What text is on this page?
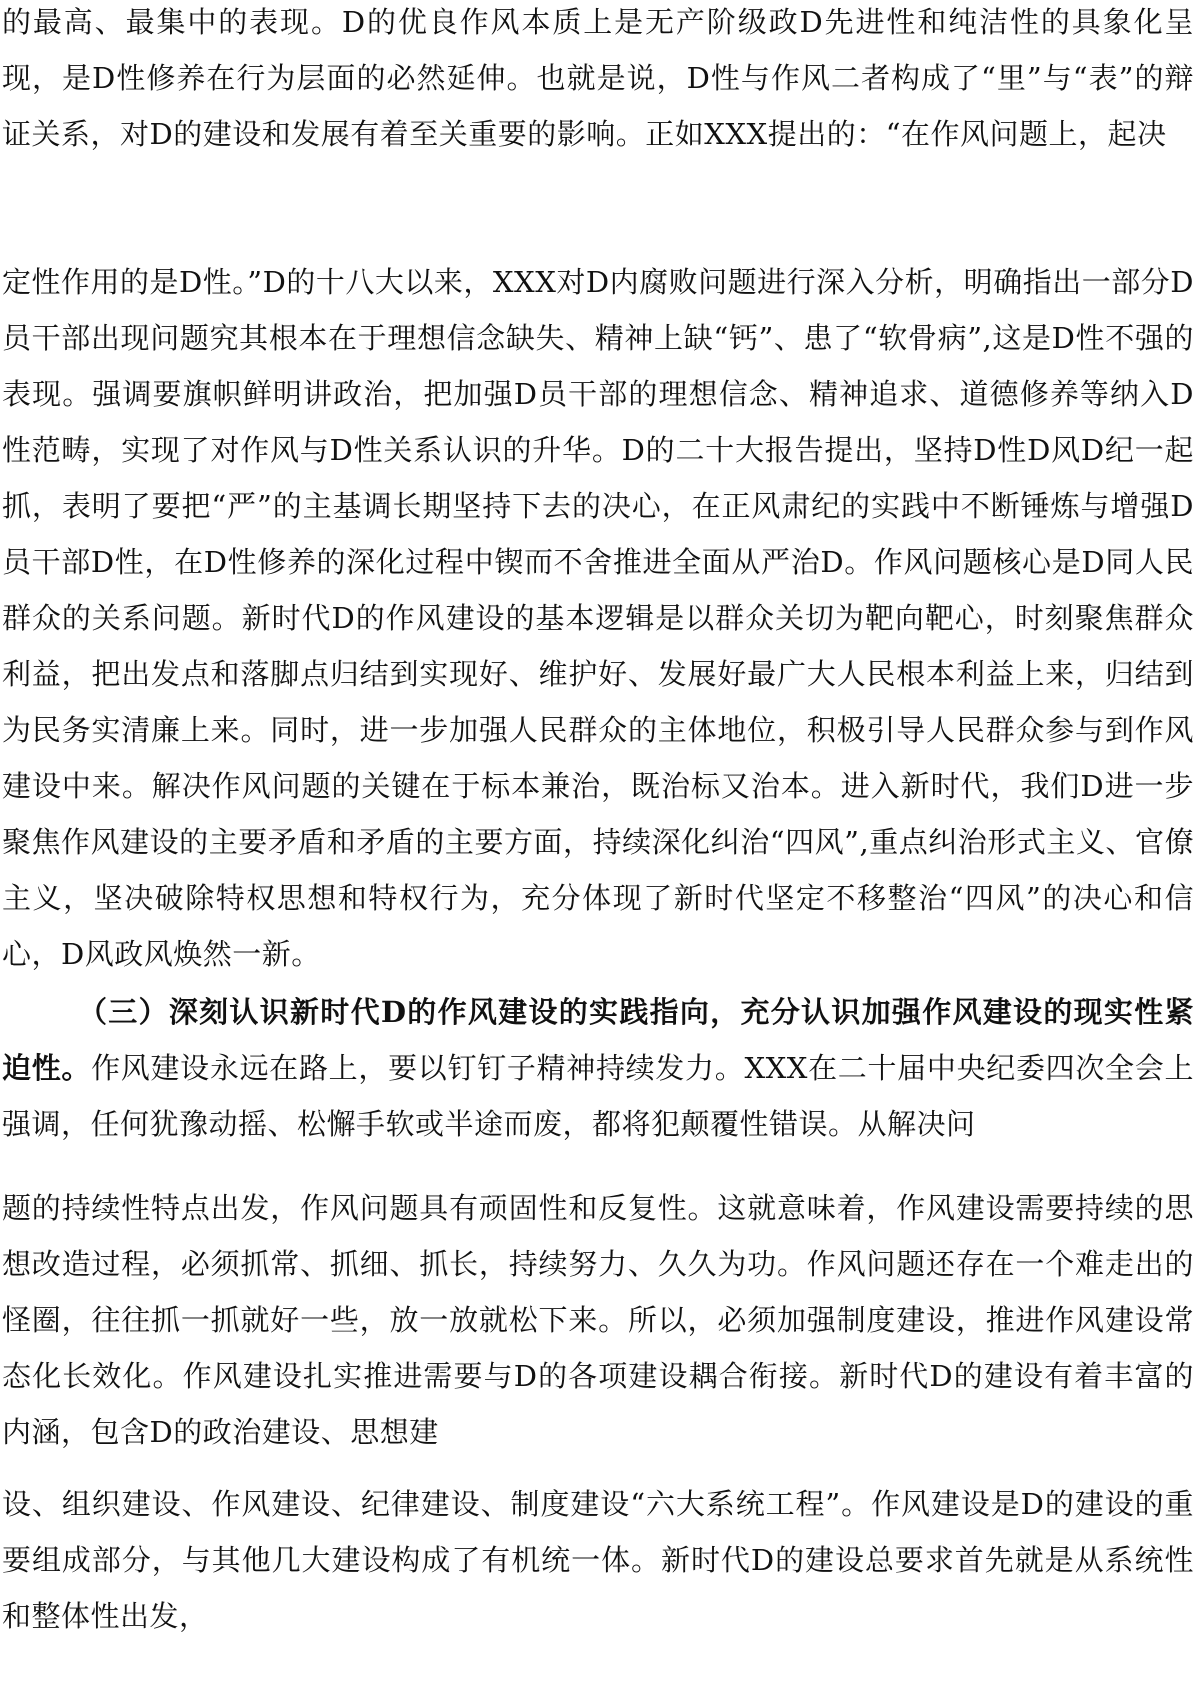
的最高、最集中的表现。D的优良作风本质上是无产阶级政D先进性和纯洁性的具象化呈现，是D性修养在行为层面的必然延伸。也就是说，D性与作风二者构成了“里”与“表”的辩证关系，对D的建设和发展有着至关重要的影响。正如XXX提出的：“在作风问题上，起决

定性作用的是D性。”D的十八大以来，XXX对D内腐败问题进行深入分析，明确指出一部分D员干部出现问题究其根本在于理想信念缺失、精神上缺“钙”、患了“软骨病”,这是D性不强的表现。强调要旗帜鲜明讲政治，把加强D员干部的理想信念、精神追求、道德修养等纳入D性范畴，实现了对作风与D性关系认识的升华。D的二十大报告提出，坚持D性D风D纪一起抓，表明了要把“严”的主基调长期坚持下去的决心，在正风肃纪的实践中不断锤炼与增强D员干部D性，在D性修养的深化过程中锲而不舍推进全面从严治D。作风问题核心是D同人民群众的关系问题。新时代D的作风建设的基本逻辑是以群众关切为靶向靶心，时刻聚焦群众利益，把出发点和落脚点归结到实现好、维护好、发展好最广大人民根本利益上来，归结到为民务实清廉上来。同时，进一步加强人民群众的主体地位，积极引导人民群众参与到作风建设中来。解决作风问题的关键在于标本兼治，既治标又治本。进入新时代，我们D进一步聚焦作风建设的主要矛盾和矛盾的主要方面，持续深化纠治“四风”,重点纠治形式主义、官僚主义，坚决破除特权思想和特权行为，充分体现了新时代坚定不移整治“四风”的决心和信心，D风政风焕然一新。

（三）深刻认识新时代D的作风建设的实践指向，充分认识加强作风建设的现实性紧迫性。作风建设永远在路上，要以钉钉子精神持续发力。XXX在二十届中央纪委四次全会上强调，任何犹豫动摇、松懈手软或半途而废，都将犯颠覆性错误。从解决问

题的持续性特点出发，作风问题具有顽固性和反复性。这就意味着，作风建设需要持续的思想改造过程，必须抓常、抓细、抓长，持续努力、久久为功。作风问题还存在一个难走出的怪圈，往往抓一抓就好一些，放一放就松下来。所以，必须加强制度建设，推进作风建设常态化长效化。作风建设扎实推进需要与D的各项建设耦合衔接。新时代D的建设有着丰富的内涵，包含D的政治建设、思想建

设、组织建设、作风建设、纪律建设、制度建设“六大系统工程”。作风建设是D的建设的重要组成部分，与其他几大建设构成了有机统一体。新时代D的建设总要求首先就是从系统性和整体性出发，
